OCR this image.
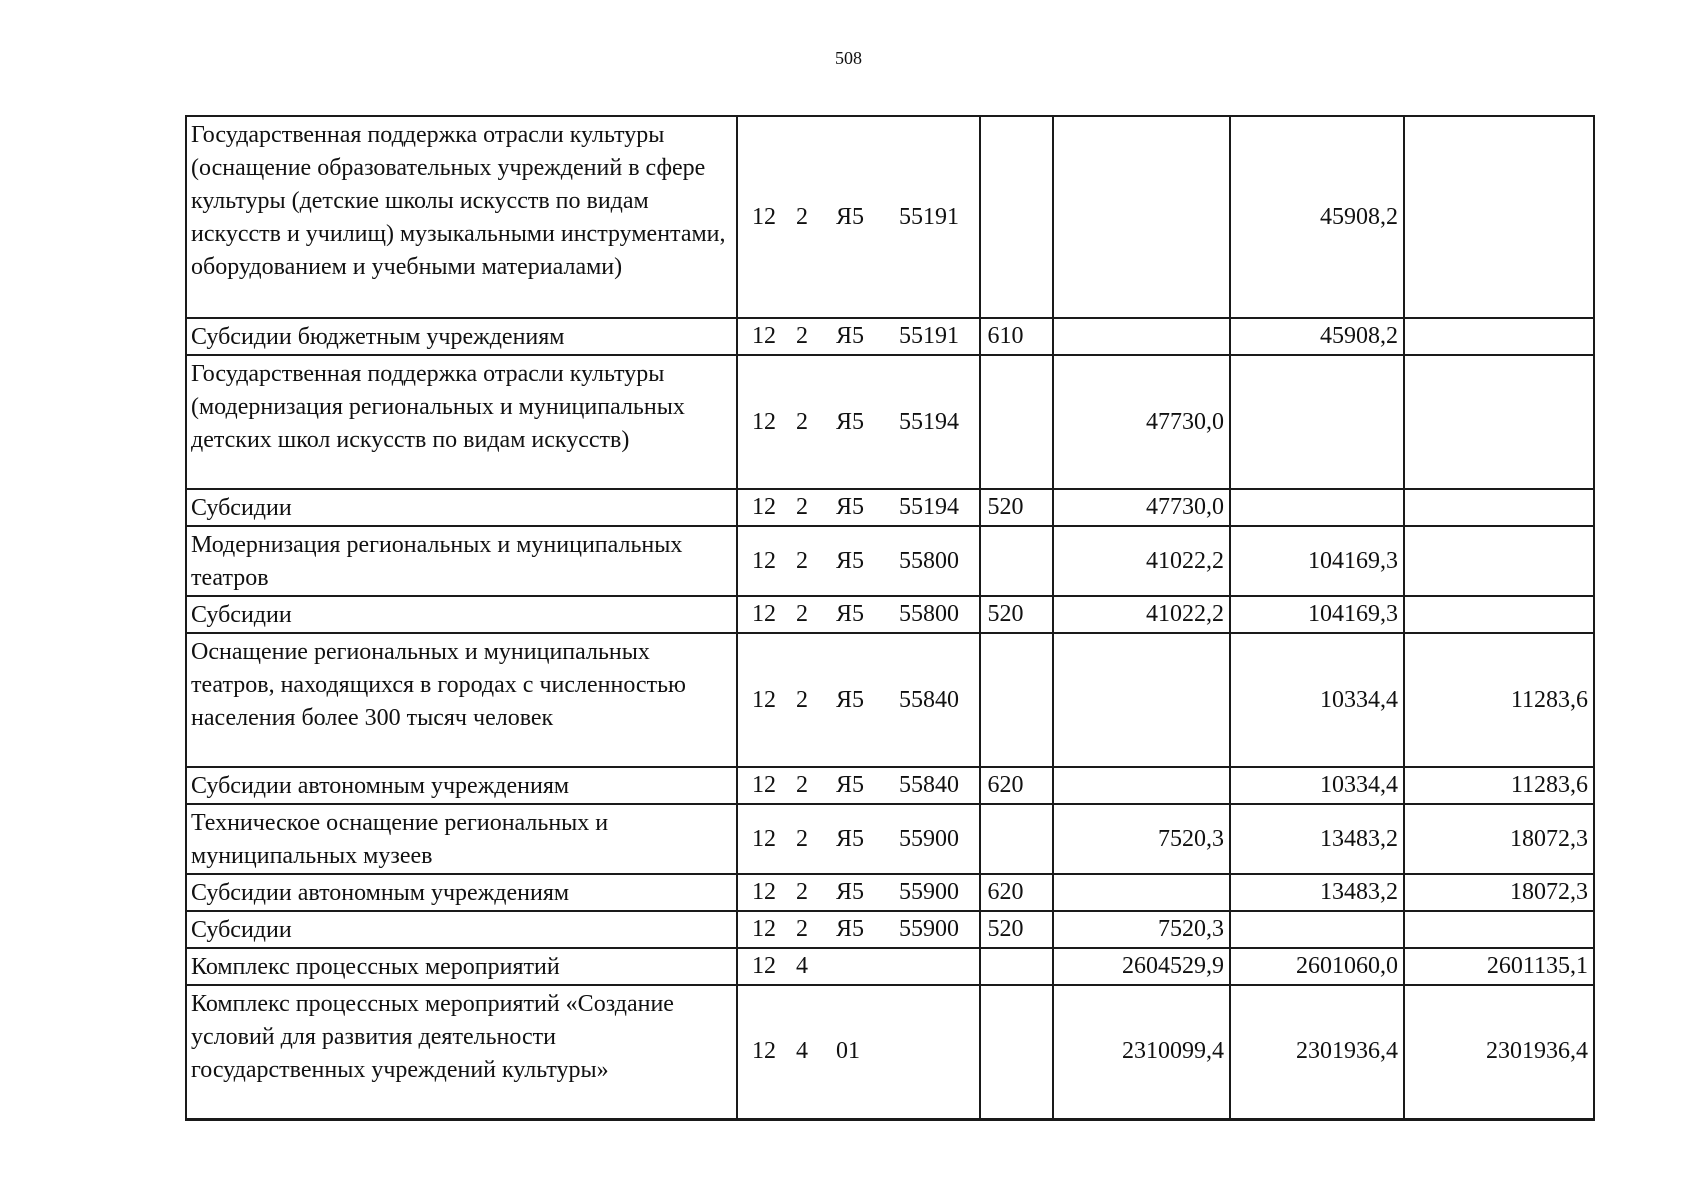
508
Государственная поддержка отрасли культуры (оснащение образовательных учреждений в сфере культуры (детские школы искусств по видам искусств и училищ) музыкальными инструментами, оборудованием и учебными материалами)	12 2 Я5 55191			45908,2	
Субсидии бюджетным учреждениям	12 2 Я5 55191	610		45908,2	
Государственная поддержка отрасли культуры (модернизация региональных и муниципальных детских школ искусств по видам искусств)	12 2 Я5 55194		47730,0		
Субсидии	12 2 Я5 55194	520	47730,0		
Модернизация региональных и муниципальных театров	12 2 Я5 55800		41022,2	104169,3	
Субсидии	12 2 Я5 55800	520	41022,2	104169,3	
Оснащение региональных и муниципальных театров, находящихся в городах с численностью населения более 300 тысяч человек	12 2 Я5 55840			10334,4	11283,6
Субсидии автономным учреждениям	12 2 Я5 55840	620		10334,4	11283,6
Техническое оснащение региональных и муниципальных музеев	12 2 Я5 55900		7520,3	13483,2	18072,3
Субсидии автономным учреждениям	12 2 Я5 55900	620		13483,2	18072,3
Субсидии	12 2 Я5 55900	520	7520,3		
Комплекс процессных мероприятий	12 4		2604529,9	2601060,0	2601135,1
Комплекс процессных мероприятий «Создание условий для развития деятельности государственных учреждений культуры»	12 4 01		2310099,4	2301936,4	2301936,4
